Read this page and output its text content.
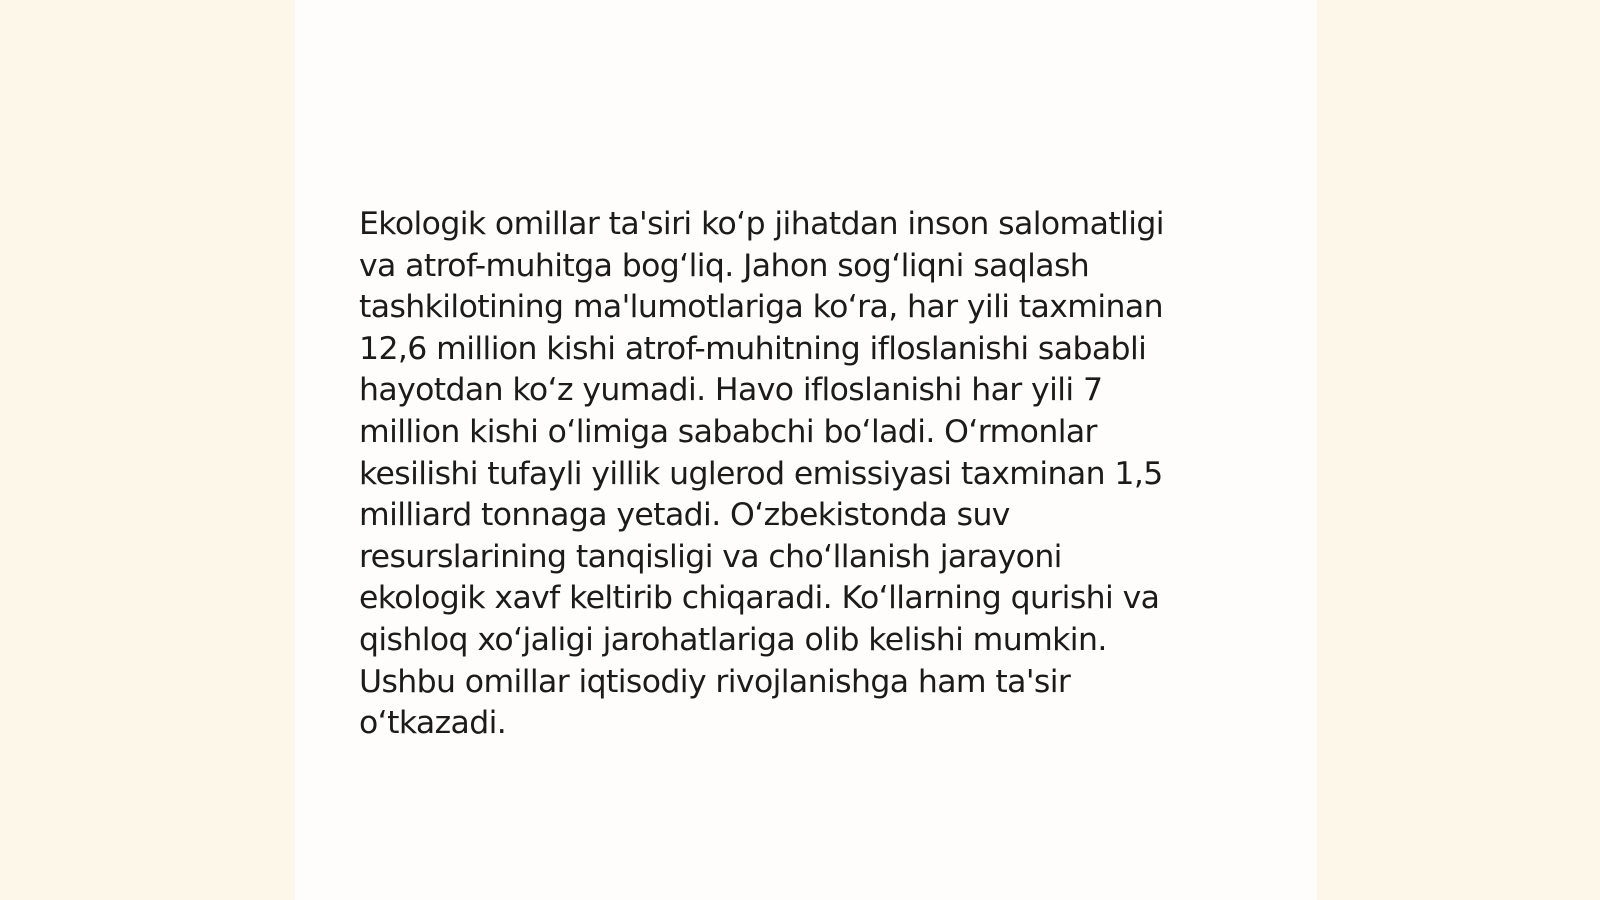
Ekologik omillar ta'siri ko‘p jihatdan inson salomatligi
va atrof-muhitga bog‘liq. Jahon sog‘liqni saqlash
tashkilotining ma'lumotlariga ko‘ra, har yili taxminan
12,6 million kishi atrof-muhitning ifloslanishi sababli
hayotdan ko‘z yumadi. Havo ifloslanishi har yili 7
million kishi o‘limiga sababchi bo‘ladi. O‘rmonlar
kesilishi tufayli yillik uglerod emissiyasi taxminan 1,5
milliard tonnaga yetadi. O‘zbekistonda suv
resurslarining tanqisligi va cho‘llanish jarayoni
ekologik xavf keltirib chiqaradi. Ko‘llarning qurishi va
qishloq xo‘jaligi jarohatlariga olib kelishi mumkin.
Ushbu omillar iqtisodiy rivojlanishga ham ta'sir
o‘tkazadi.
